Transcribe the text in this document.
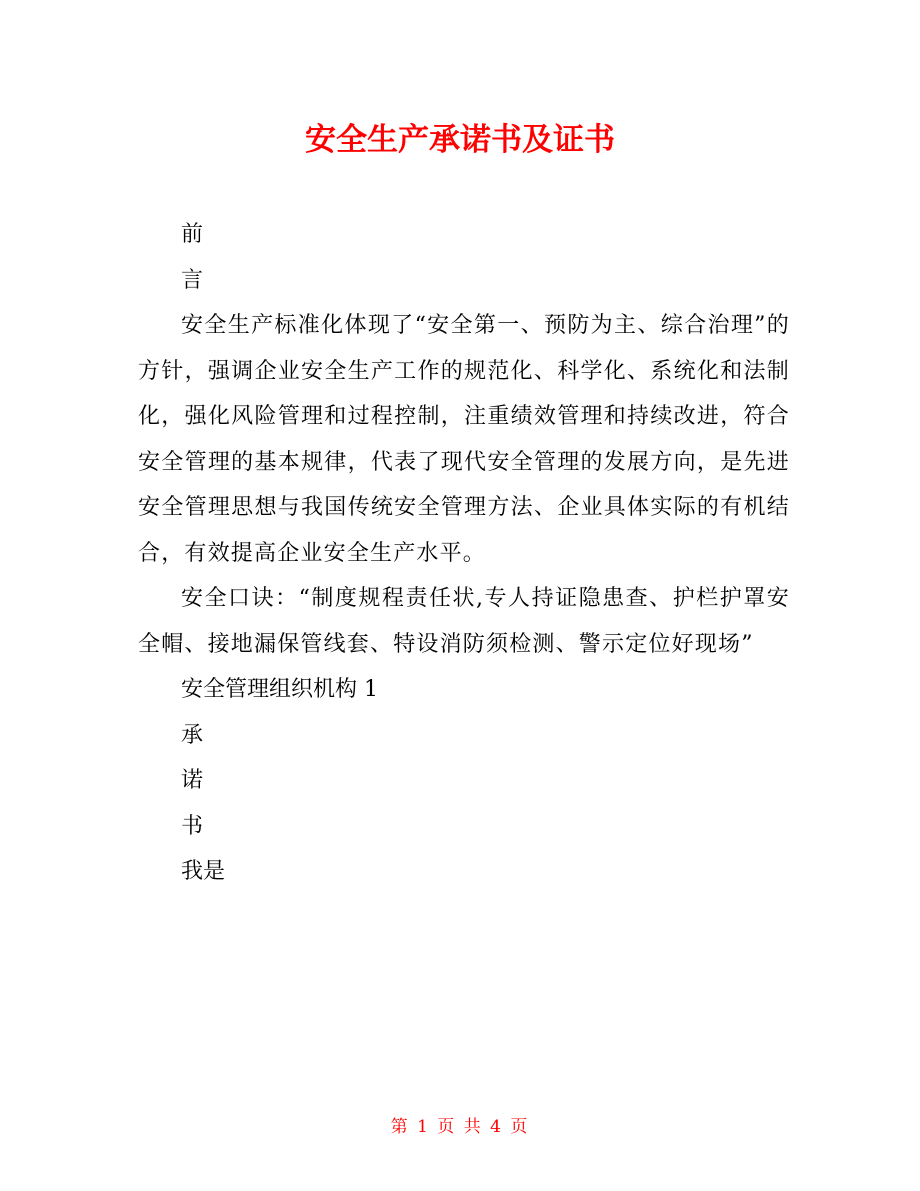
安全生产承诺书及证书

前

言

安全生产标准化体现了“安全第一、预防为主、综合治理”的方针，强调企业安全生产工作的规范化、科学化、系统化和法制化，强化风险管理和过程控制，注重绩效管理和持续改进，符合安全管理的基本规律，代表了现代安全管理的发展方向，是先进安全管理思想与我国传统安全管理方法、企业具体实际的有机结合，有效提高企业安全生产水平。

安全口诀：“制度规程责任状,专人持证隐患查、护栏护罩安全帽、接地漏保管线套、特设消防须检测、警示定位好现场”

安全管理组织机构 1

承

诺

书

我是

第 1 页 共 4 页
